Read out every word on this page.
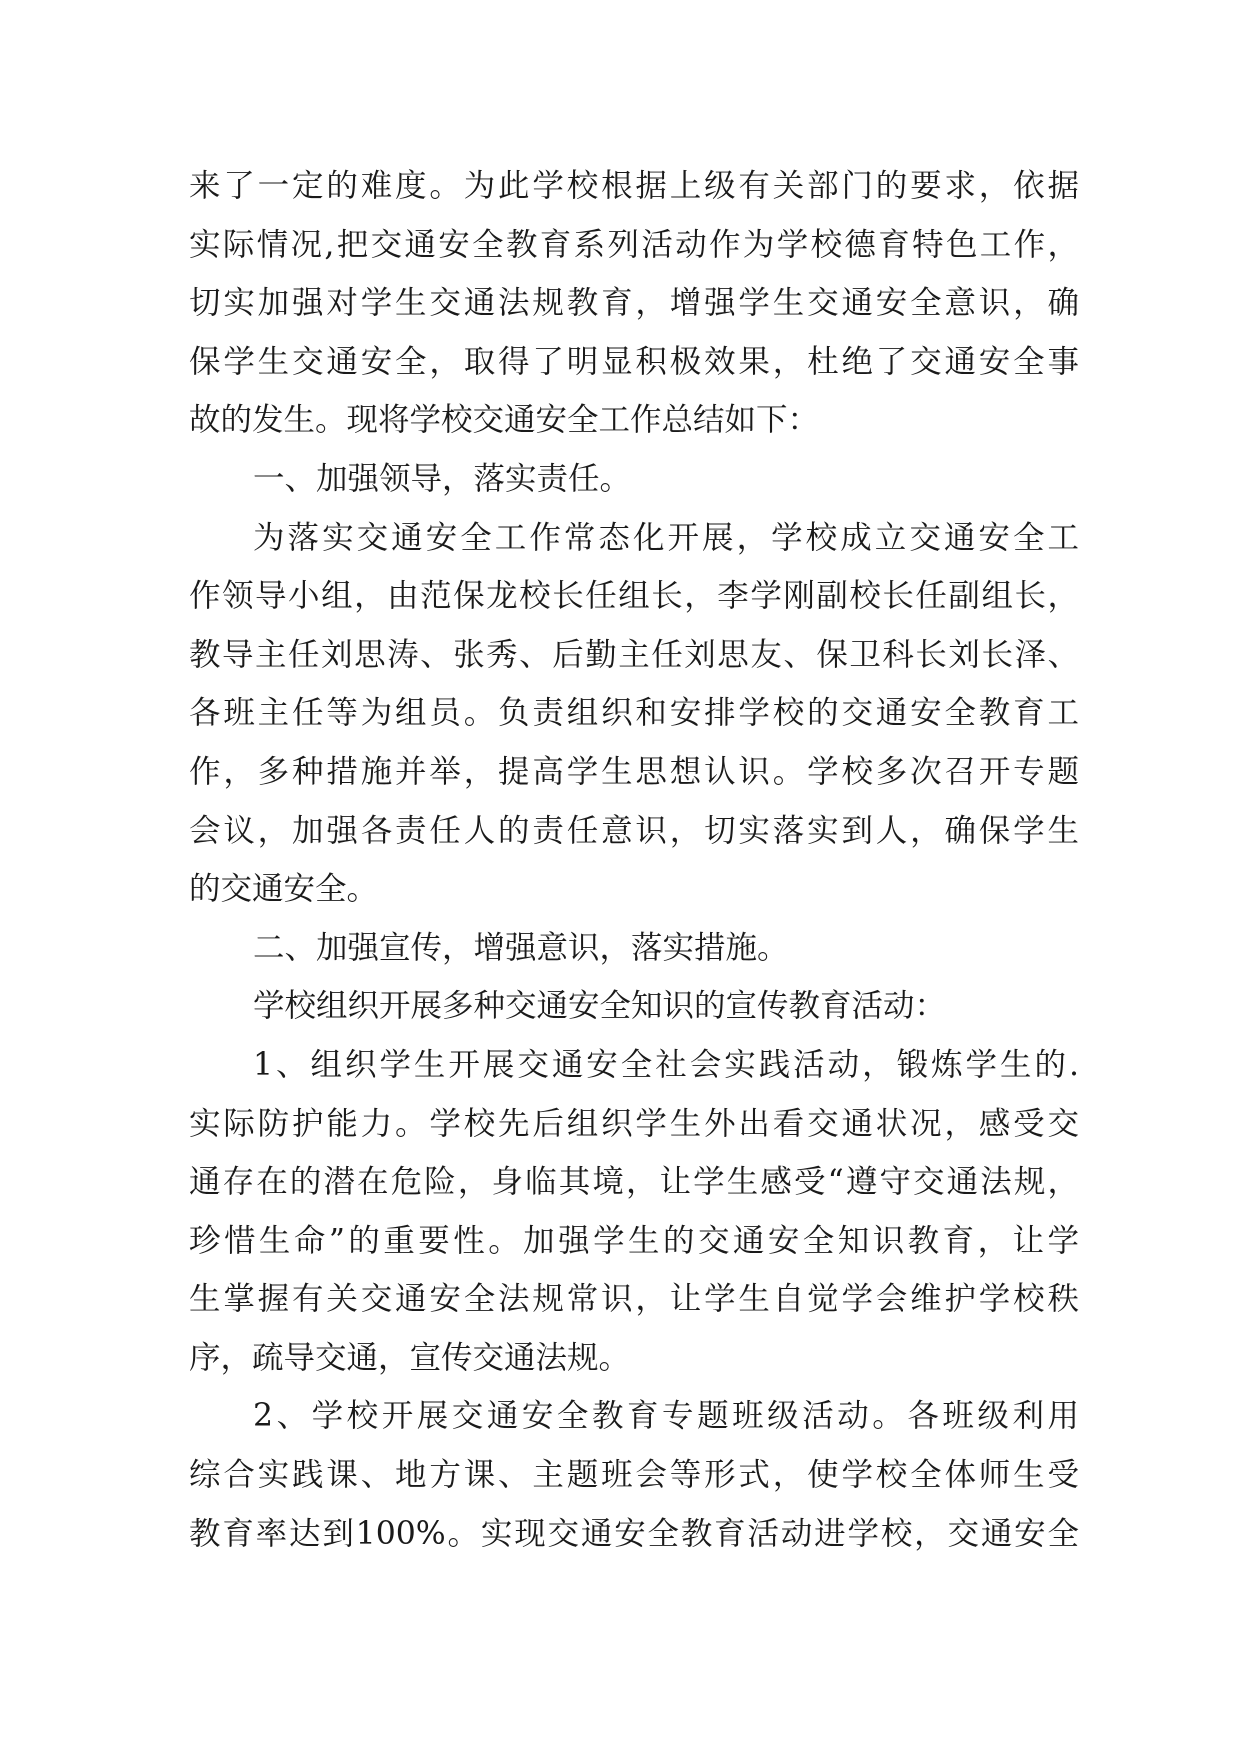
来了一定的难度。为此学校根据上级有关部门的要求，依据
实际情况,把交通安全教育系列活动作为学校德育特色工作，
切实加强对学生交通法规教育，增强学生交通安全意识，确
保学生交通安全，取得了明显积极效果，杜绝了交通安全事
故的发生。现将学校交通安全工作总结如下：
一、加强领导，落实责任。
为落实交通安全工作常态化开展，学校成立交通安全工
作领导小组，由范保龙校长任组长，李学刚副校长任副组长，
教导主任刘思涛、张秀、后勤主任刘思友、保卫科长刘长泽、
各班主任等为组员。负责组织和安排学校的交通安全教育工
作，多种措施并举，提高学生思想认识。学校多次召开专题
会议，加强各责任人的责任意识，切实落实到人，确保学生
的交通安全。
二、加强宣传，增强意识，落实措施。
学校组织开展多种交通安全知识的宣传教育活动：
1、组织学生开展交通安全社会实践活动，锻炼学生的.
实际防护能力。学校先后组织学生外出看交通状况，感受交
通存在的潜在危险，身临其境，让学生感受“遵守交通法规，
珍惜生命”的重要性。加强学生的交通安全知识教育，让学
生掌握有关交通安全法规常识，让学生自觉学会维护学校秩
序，疏导交通，宣传交通法规。
2、学校开展交通安全教育专题班级活动。各班级利用
综合实践课、地方课、主题班会等形式，使学校全体师生受
教育率达到100%。实现交通安全教育活动进学校，交通安全
